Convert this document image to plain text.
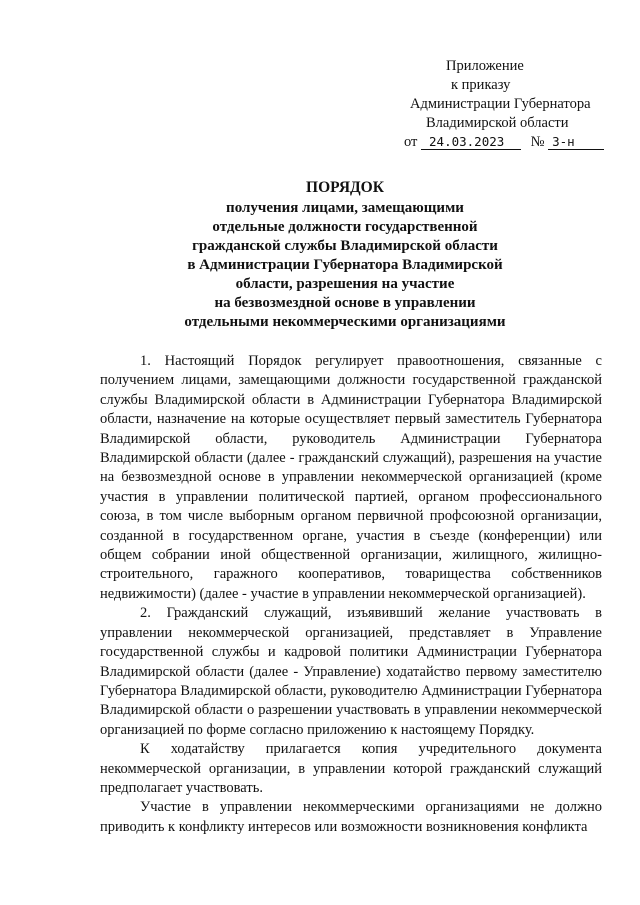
Приложение
к приказу
Администрации Губернатора
Владимирской области
от 24.03.2023 № 3-н
ПОРЯДОК
получения лицами, замещающими
отдельные должности государственной
гражданской службы Владимирской области
в Администрации Губернатора Владимирской
области, разрешения на участие
на безвозмездной основе в управлении
отдельными некоммерческими организациями

1. Настоящий Порядок регулирует правоотношения, связанные с получением лицами, замещающими должности государственной гражданской службы Владимирской области в Администрации Губернатора Владимирской области, назначение на которые осуществляет первый заместитель Губернатора Владимирской области, руководитель Администрации Губернатора Владимирской области (далее - гражданский служащий), разрешения на участие на безвозмездной основе в управлении некоммерческой организацией (кроме участия в управлении политической партией, органом профессионального союза, в том числе выборным органом первичной профсоюзной организации, созданной в государственном органе, участия в съезде (конференции) или общем собрании иной общественной организации, жилищного, жилищно-строительного, гаражного кооперативов, товарищества собственников недвижимости) (далее - участие в управлении некоммерческой организацией).

2. Гражданский служащий, изъявивший желание участвовать в управлении некоммерческой организацией, представляет в Управление государственной службы и кадровой политики Администрации Губернатора Владимирской области (далее - Управление) ходатайство первому заместителю Губернатора Владимирской области, руководителю Администрации Губернатора Владимирской области о разрешении участвовать в управлении некоммерческой организацией по форме согласно приложению к настоящему Порядку.

К ходатайству прилагается копия учредительного документа некоммерческой организации, в управлении которой гражданский служащий предполагает участвовать.

Участие в управлении некоммерческими организациями не должно приводить к конфликту интересов или возможности возникновения конфликта
